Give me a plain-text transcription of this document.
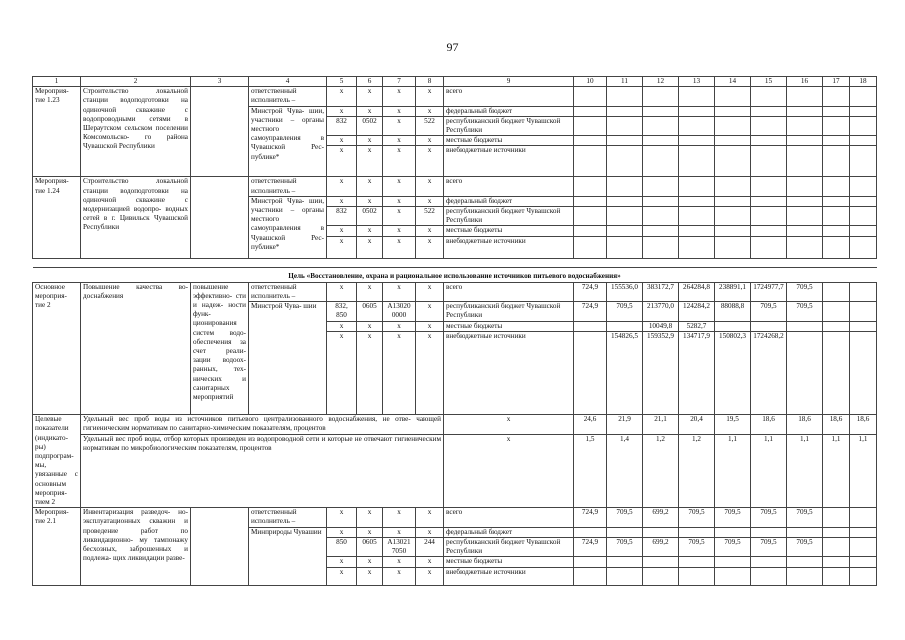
97
1	2	3	4	5	6	7	8	9	10	11	12	13	14	15	16	17	18
Мероприя- тие 1.23	Строительство локальной станции водоподготовки на одиночной скважине с водопроводными сетями в Шераутском сельском поселении Комсомольско- го района Чувашской Республики		ответственный исполнитель –	х	х	х	х	всего									
			Минстрой Чува- шии, участники – органы местного самоуправления в Чувашской Рес- публике*	х	х	х	х	федеральный бюджет									
				832	0502	х	522	республиканский бюджет Чувашской Республики									
				х	х	х	х	местные бюджеты									
				х	х	х	х	внебюджетные источники									
Мероприя- тие 1.24	Строительство локальной станции водоподготовки на одиночной скважине с модернизацией водопро- водных сетей в г. Цивильск Чувашской Республики		ответственный исполнитель –	х	х	х	х	всего									
			Минстрой Чува- шии, участники – органы местного самоуправления в Чувашской Рес- публике*	х	х	х	х	федеральный бюджет									
				832	0502	х	522	республиканский бюджет Чувашской Республики									
				х	х	х	х	местные бюджеты									
				х	х	х	х	внебюджетные источники									

Цель «Восстановление, охрана и рациональное использование источников питьевого водоснабжения»																	
Основное мероприя- тие 2	Повышение качества во- доснабжения	повышение эффективно- сти и надеж- ности функ- ционирования систем водо- обеспечения за счет реали- зации водоох- ранных, тех- нических и санитарных мероприятий	ответственный исполнитель –	х	х	х	х	всего	724,9	155536,0	383172,7	264284,8	238891,1	1724977,7	709,5		
			Минстрой Чува- шии	832, 850	0605	А13020 0000	х	республиканский бюджет Чувашской Республики	724,9	709,5	213770,0	124284,2	88088,8	709,5	709,5		
				х	х	х	х	местные бюджеты			10049,8	5282,7					
				х	х	х	х	внебюджетные источники		154826,5	159352,9	134717,9	150802,3	1724268,2			
Целевые показатели (индикато- ры) подпрограм- мы, увязанные с основным мероприя- тием 2	Удельный вес проб воды из источников питьевого централизованного водоснабжения, не отве- чающей гигиеническим нормативам по санитарно-химическим показателям, процентов							х	24,6	21,9	21,1	20,4	19,5	18,6	18,6	18,6	18,6
	Удельный вес проб воды, отбор которых произведен из водопроводной сети и которые не отвечают гигиеническим нормативам по микробиологическим показателям, процентов							х	1,5	1,4	1,2	1,2	1,1	1,1	1,1	1,1	1,1
Мероприя- тие 2.1	Инвентаризация разведоч- но-эксплуатационных скважин и проведение работ по ликвидационно- му тампонажу бесхозных, заброшенных и подлежа- щих ликвидации развe-		ответственный исполнитель –	х	х	х	х	всего	724,9	709,5	699,2	709,5	709,5	709,5	709,5		
			Минприроды Чувашии	х	х	х	х	федеральный бюджет									
				850	0605	А13021 7050	244	республиканский бюджет Чувашской Республики	724,9	709,5	699,2	709,5	709,5	709,5	709,5		
				х	х	х	х	местные бюджеты									
				х	х	х	х	внебюджетные источники									
